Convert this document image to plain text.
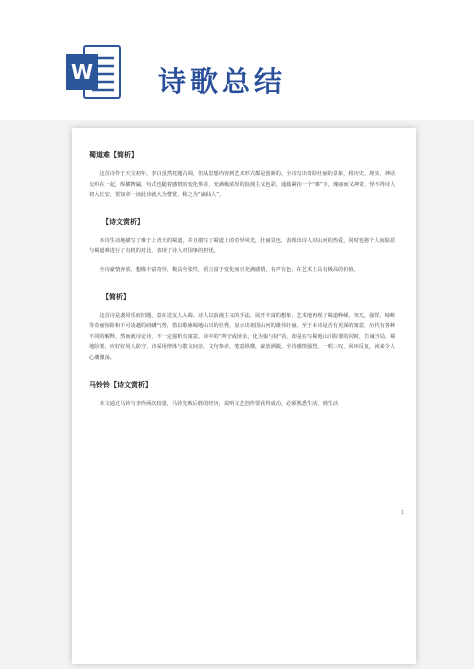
W 诗歌总结
蜀道难【简析】

这首诗作于天宝初年。李白虽然托题古调，但从思想内容到艺术形式都是创新的。全诗写出奇险壮丽的景象，将历史、现实、神话交织在一起，纵横捭阖，句式也随着感情的变化参差，充满极浓厚的浪漫主义色彩。通篇紧扣一个“难”字，瑰丽而又神奇，怪不得诗人初入长安，贺知章一读此诗就大为赞赏，称之为“谪仙人”。

【诗文赏析】

本诗生动地描写了难于上青天的蜀道，并且描写了蜀道上的奇异风光，壮丽景色，表现出诗人对山河的热爱，同时也将个人间险恶与蜀道难进行了有机的对比，表现了诗人对国事的担忧。

全诗豪情奔放，想像丰富奇异，极具夸张性，语言富于变化而且充满感情，有声有色，在艺术上具有极高的价值。

【简析】

这首诗是袭用乐府旧题，意在送友人入蜀。诗人以浪漫主义的手法，展开丰富的想象，艺术地再现了蜀道峥嵘，突兀，强悍，崎岖等奇丽惊险和不可凌越的磅礴气势，借以歌咏蜀地山川的壮秀，显示出祖国山河的雄伟壮丽。至于本诗是否有更深的寓意，历代有各种不同的解释。然而就诗论诗，不一定强析有寓意。诗中的“所守或匪亲，化为狼与豺”看，却是在写蜀地山川险要的同时，告诫当局，蜀地险要，应好好用人防守。诗采用律体与散文间杂，文句参差，笔意纵横，豪放洒脱。全诗感情强烈，一唱三叹，回环反复，读来令人心潮激荡。

马铃铃【诗文赏析】

本文通过马铃与李伶两次较量，马铃先败后胜的经历，说明文艺创作要获得成功，必须熟悉生活，到生活

1
